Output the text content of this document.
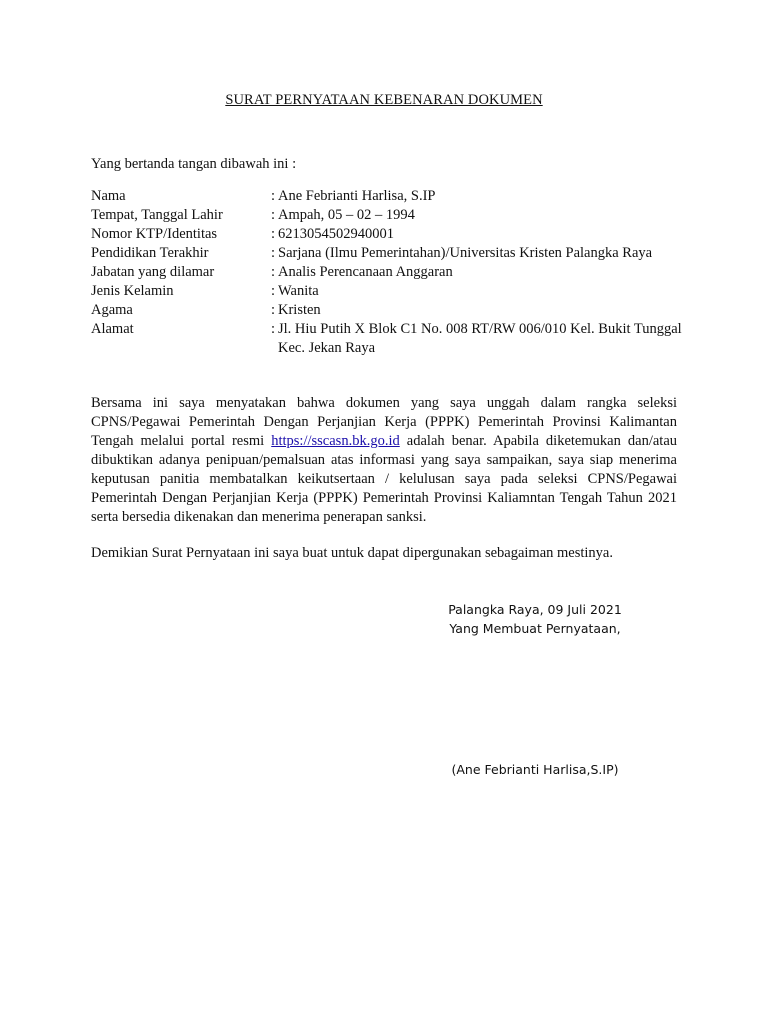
SURAT PERNYATAAN KEBENARAN DOKUMEN
Yang bertanda tangan dibawah ini :
Nama	: Ane Febrianti Harlisa, S.IP
Tempat, Tanggal Lahir	: Ampah, 05 – 02 – 1994
Nomor KTP/Identitas	: 6213054502940001
Pendidikan Terakhir	: Sarjana (Ilmu Pemerintahan)/Universitas Kristen Palangka Raya
Jabatan yang dilamar	: Analis Perencanaan Anggaran
Jenis Kelamin	: Wanita
Agama	: Kristen
Alamat	: Jl. Hiu Putih X Blok C1 No. 008 RT/RW 006/010 Kel. Bukit Tunggal Kec. Jekan Raya

Bersama ini saya menyatakan bahwa dokumen yang saya unggah dalam rangka seleksi CPNS/Pegawai Pemerintah Dengan Perjanjian Kerja (PPPK) Pemerintah Provinsi Kalimantan Tengah melalui portal resmi https://sscasn.bk.go.id adalah benar. Apabila diketemukan dan/atau dibuktikan adanya penipuan/pemalsuan atas informasi yang saya sampaikan, saya siap menerima keputusan panitia membatalkan keikutsertaan / kelulusan saya pada seleksi CPNS/Pegawai Pemerintah Dengan Perjanjian Kerja (PPPK) Pemerintah Provinsi Kaliamntan Tengah Tahun 2021 serta bersedia dikenakan dan menerima penerapan sanksi.

Demikian Surat Pernyataan ini saya buat untuk dapat dipergunakan sebagaiman mestinya.

Palangka Raya, 09 Juli 2021
Yang Membuat Pernyataan,
(Ane Febrianti Harlisa,S.IP)
